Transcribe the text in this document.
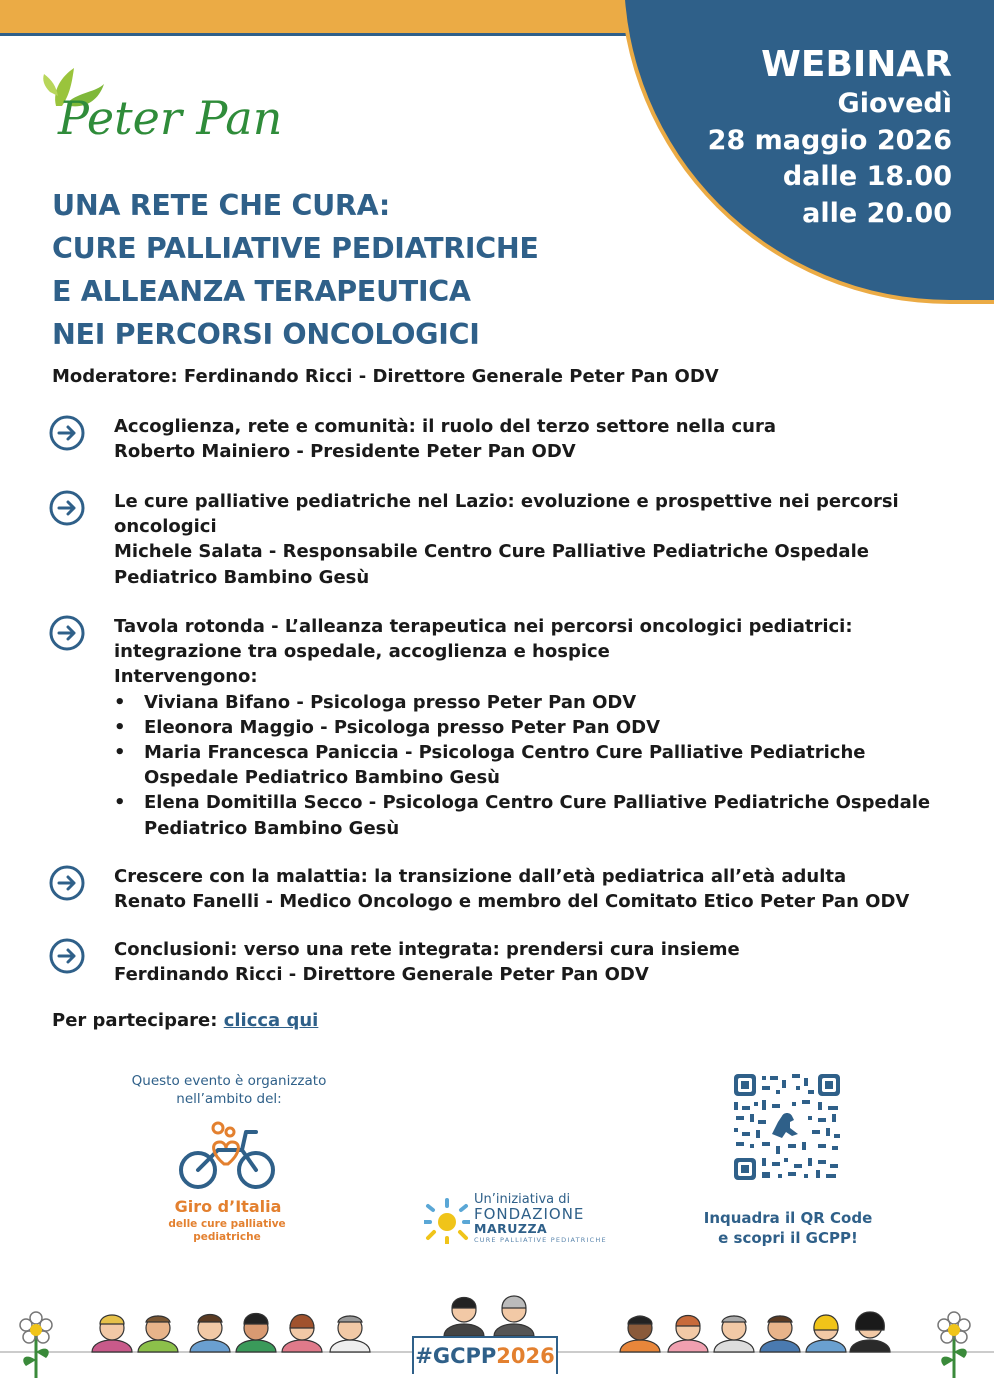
WEBINAR
Giovedì
28 maggio 2026
dalle 18.00
alle 20.00
Peter Pan
UNA RETE CHE CURA:
CURE PALLIATIVE PEDIATRICHE
E ALLEANZA TERAPEUTICA
NEI PERCORSI ONCOLOGICI
Moderatore: Ferdinando Ricci - Direttore Generale Peter Pan ODV
Accoglienza, rete e comunità: il ruolo del terzo settore nella cura
Roberto Mainiero - Presidente Peter Pan ODV
Le cure palliative pediatriche nel Lazio: evoluzione e prospettive nei percorsi oncologici
Michele Salata - Responsabile Centro Cure Palliative Pediatriche Ospedale Pediatrico Bambino Gesù
Tavola rotonda - L’alleanza terapeutica nei percorsi oncologici pediatrici: integrazione tra ospedale, accoglienza e hospice
Intervengono:
• Viviana Bifano - Psicologa presso Peter Pan ODV
• Eleonora Maggio - Psicologa presso Peter Pan ODV
• Maria Francesca Paniccia - Psicologa Centro Cure Palliative Pediatriche Ospedale Pediatrico Bambino Gesù
• Elena Domitilla Secco - Psicologa Centro Cure Palliative Pediatriche Ospedale Pediatrico Bambino Gesù
Crescere con la malattia: la transizione dall’età pediatrica all’età adulta
Renato Fanelli - Medico Oncologo e membro del Comitato Etico Peter Pan ODV
Conclusioni: verso una rete integrata: prendersi cura insieme
Ferdinando Ricci - Direttore Generale Peter Pan ODV
Per partecipare: clicca qui
Questo evento è organizzato nell’ambito del:
Giro d’Italia
delle cure palliative pediatriche
Un’iniziativa di
FONDAZIONE
MARUZZA
CURE PALLIATIVE PEDIATRICHE
Inquadra il QR Code e scopri il GCPP!
#GCPP2026
